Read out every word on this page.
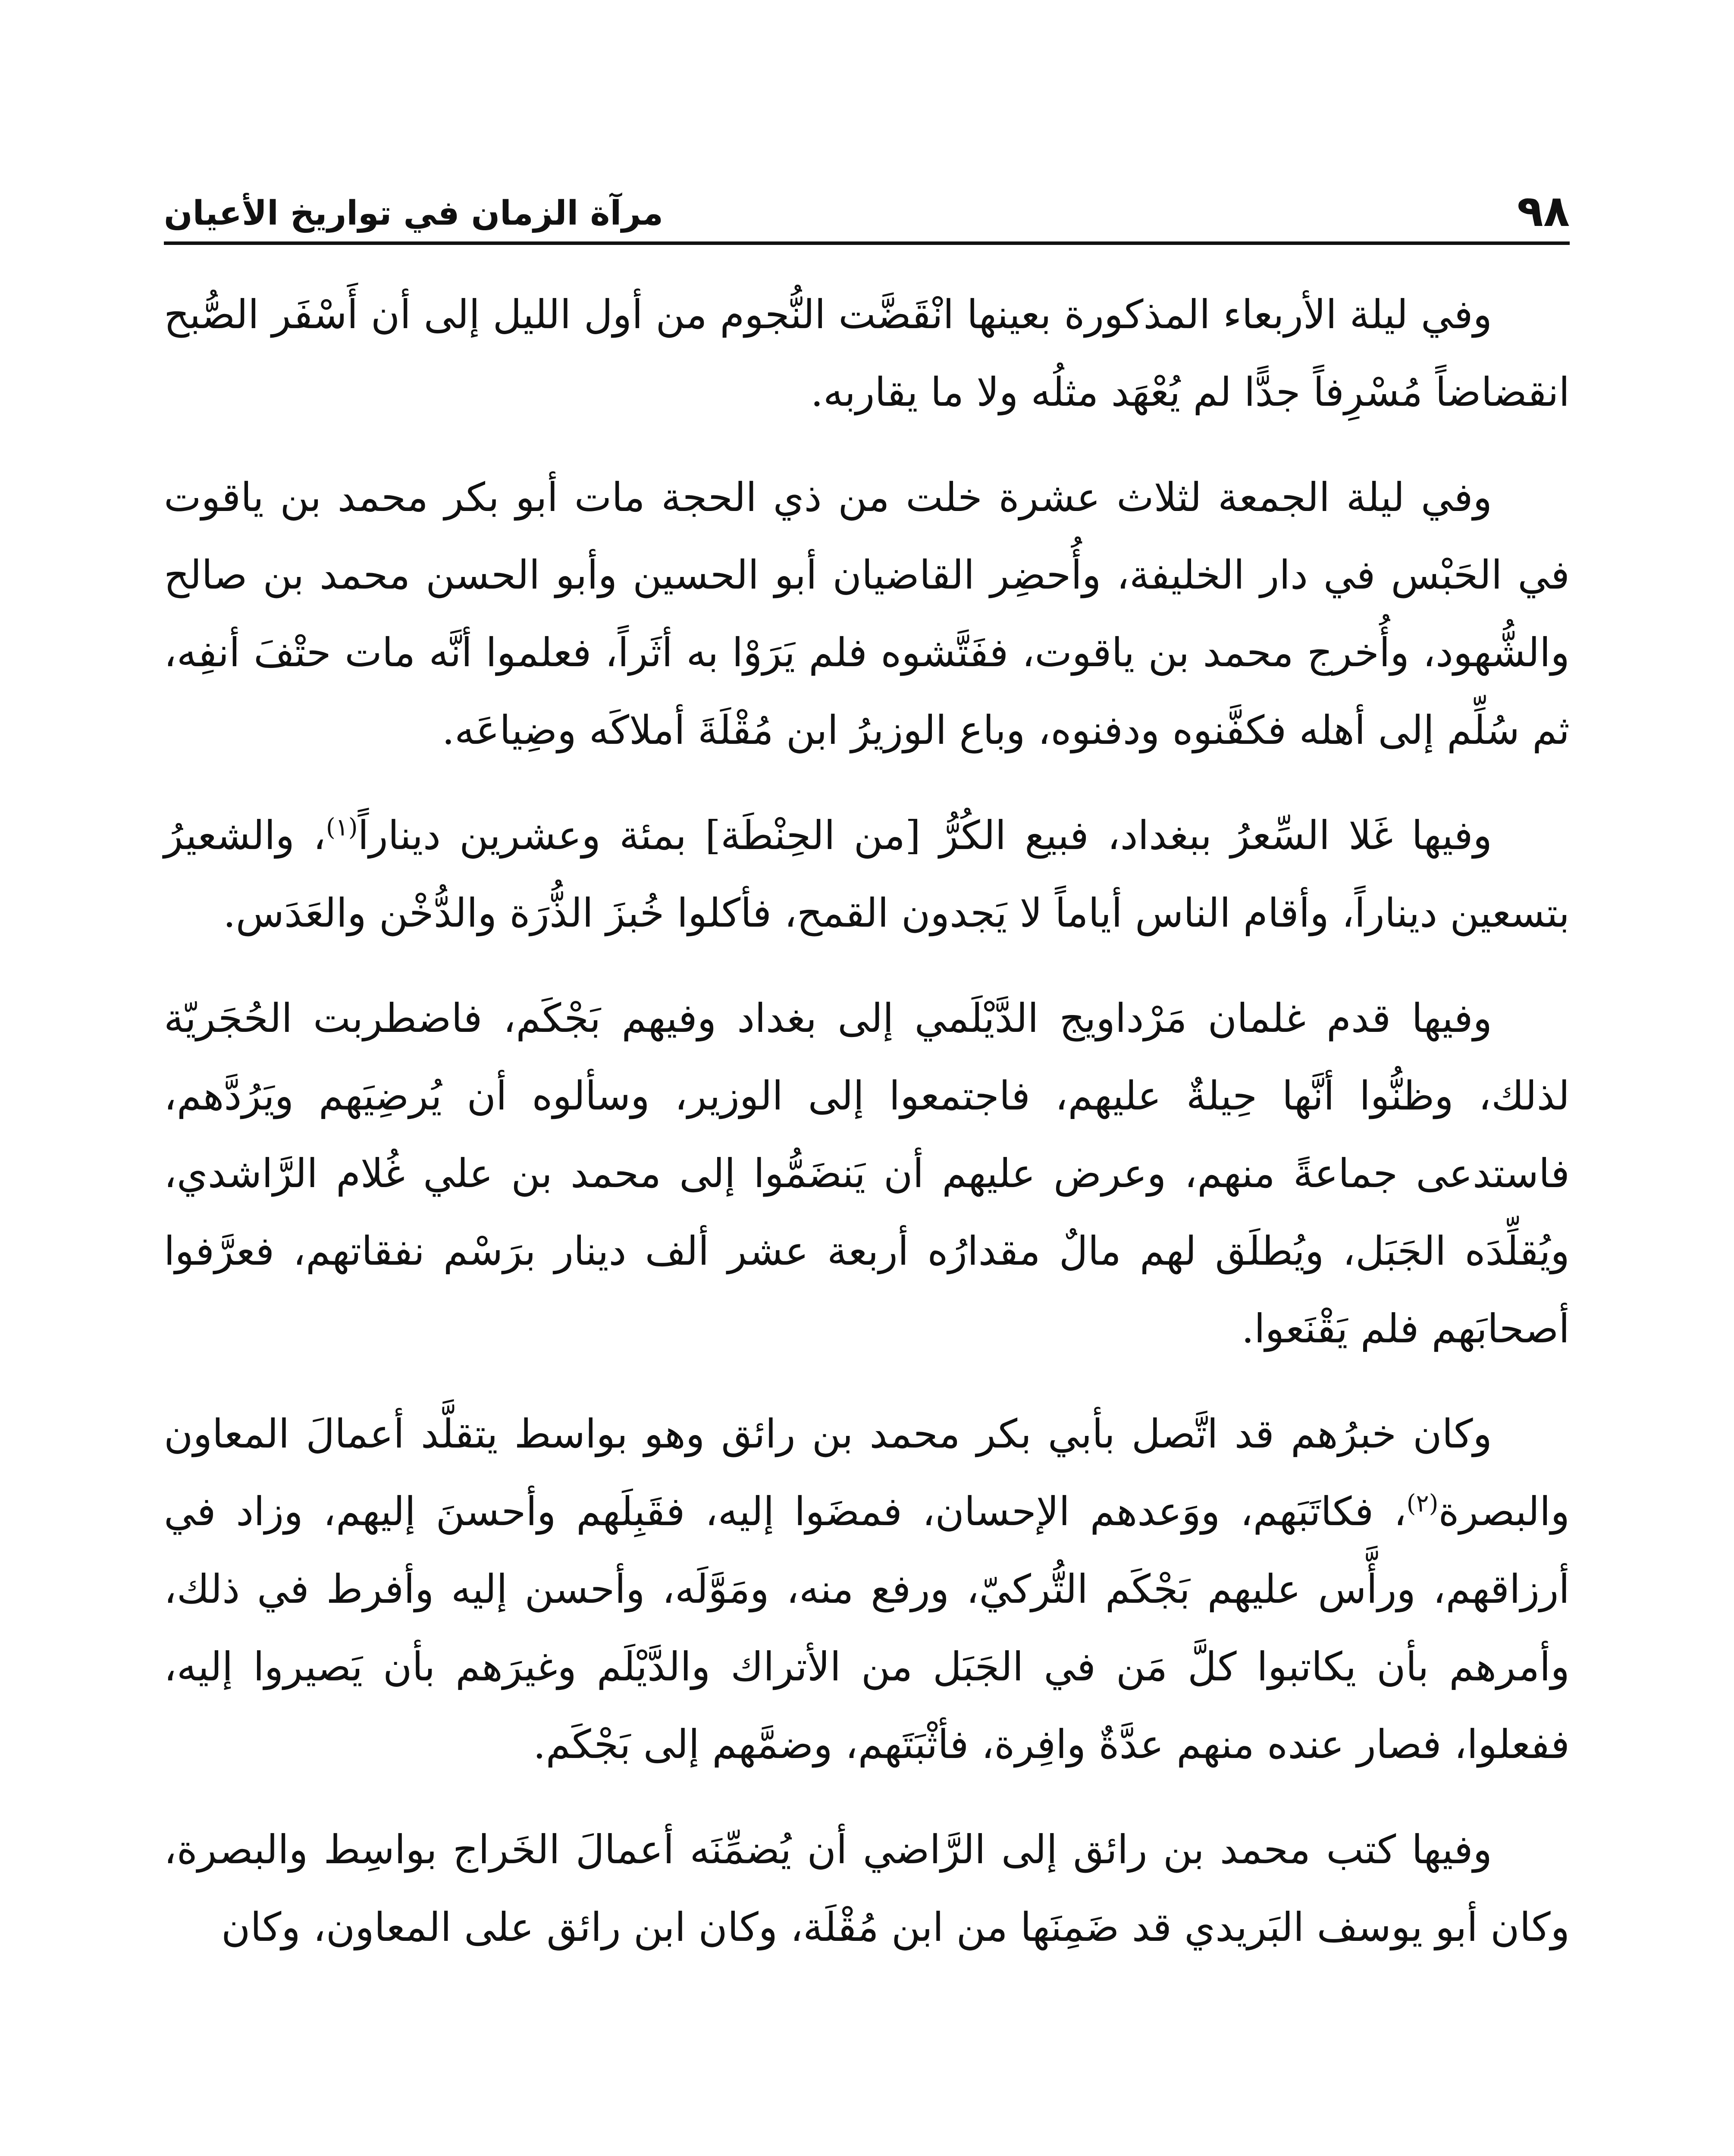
٩٨
مرآة الزمان في تواريخ الأعيان

وفي ليلة الأربعاء المذكورة بعينها انْقَضَّت النُّجوم من أول الليل إلى أن أَسْفَر الصُّبح انقضاضاً مُسْرِفاً جدًّا لم يُعْهَد مثلُه ولا ما يقاربه.

وفي ليلة الجمعة لثلاث عشرة خلت من ذي الحجة مات أبو بكر محمد بن ياقوت في الحَبْس في دار الخليفة، وأُحضِر القاضيان أبو الحسين وأبو الحسن محمد بن صالح والشُّهود، وأُخرج محمد بن ياقوت، ففَتَّشوه فلم يَرَوْا به أثَراً، فعلموا أنَّه مات حتْفَ أنفِه، ثم سُلِّم إلى أهله فكفَّنوه ودفنوه، وباع الوزيرُ ابن مُقْلَةَ أملاكَه وضِياعَه.

وفيها غَلا السِّعرُ ببغداد، فبيع الكُرُّ [من الحِنْطَة] بمئة وعشرين ديناراً$^{(١)}$، والشعيرُ بتسعين ديناراً، وأقام الناس أياماً لا يَجدون القمح، فأكلوا خُبزَ الذُّرَة والدُّخْن والعَدَس.

وفيها قدم غلمان مَرْداويج الدَّيْلَمي إلى بغداد وفيهم بَجْكَم، فاضطربت الحُجَريّة لذلك، وظنُّوا أنَّها حِيلةٌ عليهم، فاجتمعوا إلى الوزير، وسألوه أن يُرضِيَهم ويَرُدَّهم، فاستدعى جماعةً منهم، وعرض عليهم أن يَنضَمُّوا إلى محمد بن علي غُلام الرَّاشدي، ويُقلِّدَه الجَبَل، ويُطلَق لهم مالٌ مقدارُه أربعة عشر ألف دينار برَسْم نفقاتهم، فعرَّفوا أصحابَهم فلم يَقْنَعوا.

وكان خبرُهم قد اتَّصل بأبي بكر محمد بن رائق وهو بواسط يتقلَّد أعمالَ المعاون والبصرة$^{(٢)}$، فكاتَبَهم، ووَعدهم الإحسان، فمضَوا إليه، فقَبِلَهم وأحسنَ إليهم، وزاد في أرزاقهم، ورأَّس عليهم بَجْكَم التُّركيّ، ورفع منه، ومَوَّلَه، وأحسن إليه وأفرط في ذلك، وأمرهم بأن يكاتبوا كلَّ مَن في الجَبَل من الأتراك والدَّيْلَم وغيرَهم بأن يَصيروا إليه، ففعلوا، فصار عنده منهم عدَّةٌ وافِرة، فأثْبَتَهم، وضمَّهم إلى بَجْكَم.

وفيها كتب محمد بن رائق إلى الرَّاضي أن يُضمِّنَه أعمالَ الخَراج بواسِط والبصرة، وكان أبو يوسف البَريدي قد ضَمِنَها من ابن مُقْلَة، وكان ابن رائق على المعاون، وكان
